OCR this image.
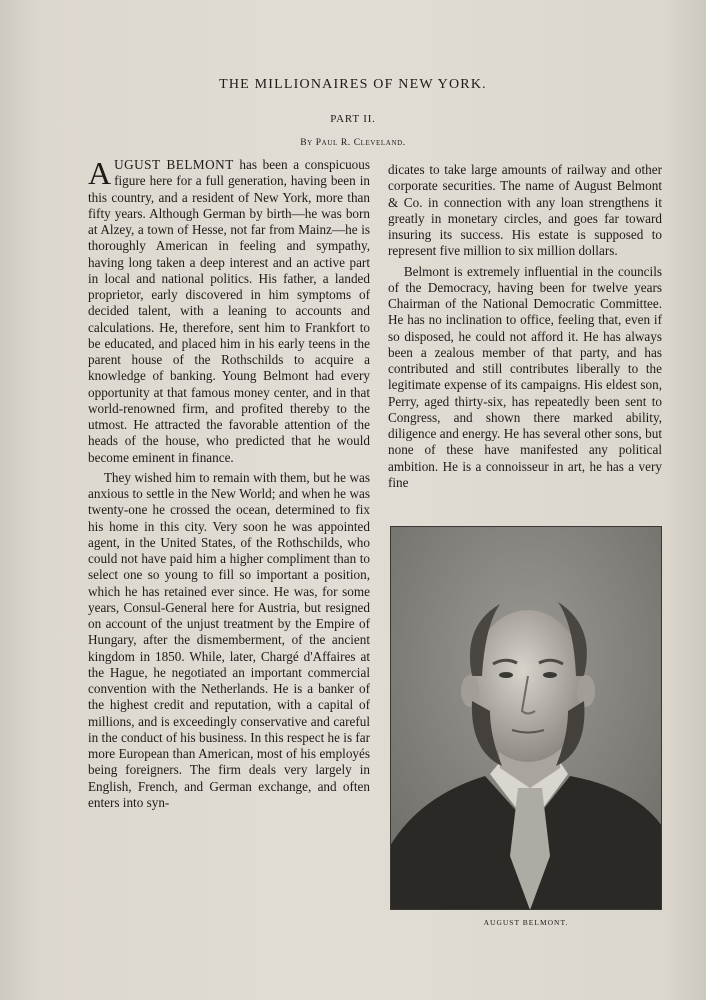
THE MILLIONAIRES OF NEW YORK.

PART II.

By Paul R. Cleveland.

AUGUST BELMONT has been a conspicuous figure here for a full generation, having been in this country, and a resident of New York, more than fifty years. Although German by birth—he was born at Alzey, a town of Hesse, not far from Mainz—he is thoroughly American in feeling and sympathy, having long taken a deep interest and an active part in local and national politics. His father, a landed proprietor, early discovered in him symptoms of decided talent, with a leaning to accounts and calculations. He, therefore, sent him to Frankfort to be educated, and placed him in his early teens in the parent house of the Rothschilds to acquire a knowledge of banking. Young Belmont had every opportunity at that famous money center, and in that world-renowned firm, and profited thereby to the utmost. He attracted the favorable attention of the heads of the house, who predicted that he would become eminent in finance.

They wished him to remain with them, but he was anxious to settle in the New World; and when he was twenty-one he crossed the ocean, determined to fix his home in this city. Very soon he was appointed agent, in the United States, of the Rothschilds, who could not have paid him a higher compliment than to select one so young to fill so important a position, which he has retained ever since. He was, for some years, Consul-General here for Austria, but resigned on account of the unjust treatment by the Empire of Hungary, after the dismemberment, of the ancient kingdom in 1850. While, later, Chargé d'Affaires at the Hague, he negotiated an important commercial convention with the Netherlands. He is a banker of the highest credit and reputation, with a capital of millions, and is exceedingly conservative and careful in the conduct of his business. In this respect he is far more European than American, most of his employés being foreigners. The firm deals very largely in English, French, and German exchange, and often enters into syn-

dicates to take large amounts of railway and other corporate securities. The name of August Belmont & Co. in connection with any loan strengthens it greatly in monetary circles, and goes far toward insuring its success. His estate is supposed to represent five million to six million dollars.

Belmont is extremely influential in the councils of the Democracy, having been for twelve years Chairman of the National Democratic Committee. He has no inclination to office, feeling that, even if so disposed, he could not afford it. He has always been a zealous member of that party, and has contributed and still contributes liberally to the legitimate expense of its campaigns. His eldest son, Perry, aged thirty-six, has repeatedly been sent to Congress, and shown there marked ability, diligence and energy. He has several other sons, but none of these have manifested any political ambition. He is a connoisseur in art, he has a very fine

AUGUST BELMONT.
